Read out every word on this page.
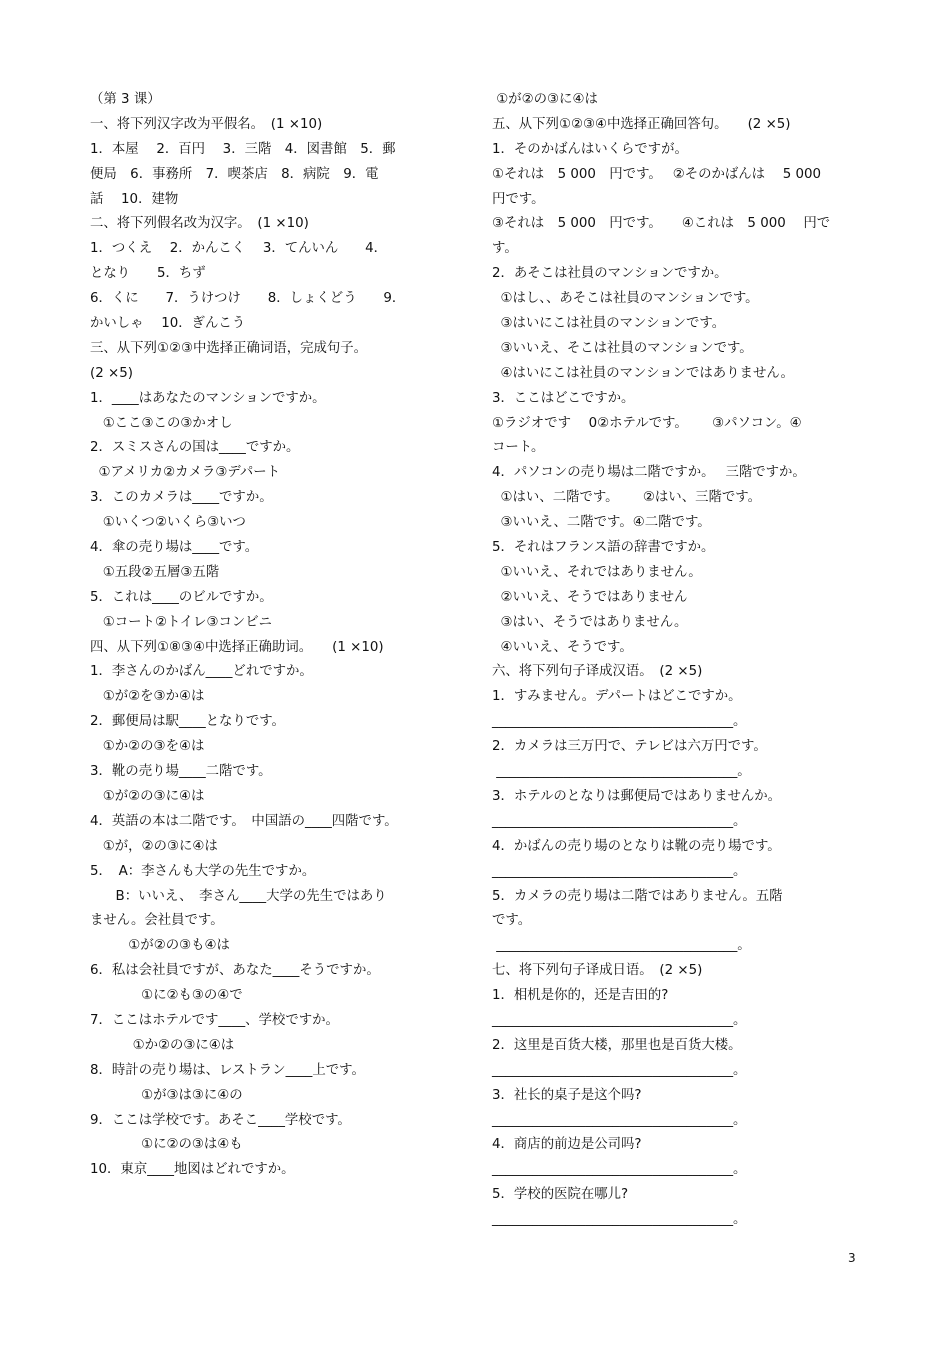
（第 3 课）
一、将下列汉字改为平假名。　(1 ×10)
1．本屋　 2．百円　 3．三階　4．図書館　5．郵
便局　6．事務所　7．喫茶店　8．病院　9．電
話　 10．建物
二、将下列假名改为汉字。　(1 ×10)
1．つくえ　 2．かんこく　 3．てんいん　　4．
となり　　5．ちず
6．くに　　7．うけつけ　　8．しょくどう　　9．
かいしゃ　 10．ぎんこう
三、从下列①②③中选择正确词语，完成句子。
(2 ×5)
1．____はあなたのマンションですか。
①ここ③この③かオし
2．スミスさんの国は____ですか。
①アメリカ②カメラ③デパート
3．このカメラは____ですか。
①いくつ②いくら③いつ
4．傘の売り場は____です。
①五段②五層③五階
5．これは____のビルですか。
①コート②トイレ③コンビニ
四、从下列①⑧③④中选择正确助词。　　(1 ×10)
1．李さんのかばん____どれですか。
①が②を③か④は
2．郵便局は駅____となりです。
①か②の③を④は
3．靴の売り場____二階です。
①が②の③に④は
4．英語の本は二階です。　中国語の____四階です。
①が，②の③に④は
5．　A：李さんも大学の先生ですか。
B：いいえ、　李さん____大学の先生ではあり
ません。会社員です。
①が②の③も④は
6．私は会社員ですが、あなた____そうですか。
①に②も③の④で
7．ここはホテルです____、学校ですか。
①か②の③に④は
8．時計の売り場は、レストラン____上です。
①が③は③に④の
9．ここは学校です。あそこ____学校です。
①に②の③は④も
10．東京____地図はどれですか。
①が②の③に④は
五、从下列①②③④中选择正确回答句。　　(2 ×5)
1．そのかばんはいくらですが。
①それは　5 000　円です。　 ②そのかばんは　 5 000
円です。
③それは　5 000　円です。　　④これは　5 000　 円で
す。
2．あそこは社員のマンションですか。
①はし、、あそこは社員のマンションです。
③はいにこは社員のマンションです。
③いいえ、そこは社員のマンションです。
④はいにこは社員のマンションではありません。
3．ここはどこですか。
①ラジオです　 0②ホテルです。　　 ③パソコン。④
コート。
4．パソコンの売り場は二階ですか。　 三階ですか。
①はい、二階です。　　 ②はい、三階です。
③いいえ、二階です。④二階です。
5．それはフランス語の辞書ですか。
①いいえ、それではありません。
②いいえ、そうではありません
③はい、そうではありません。
④いいえ、そうです。
六、将下列句子译成汉语。　(2 ×5)
1．すみません。デパートはどこですか。
____________________________________。
2．カメラは三万円で、テレビは六万円です。
____________________________________。
3．ホテルのとなりは郵便局ではありませんか。
____________________________________。
4．かばんの売り場のとなりは靴の売り場です。
____________________________________。
5．カメラの売り場は二階ではありません。五階
です。
____________________________________。
七、将下列句子译成日语。　(2 ×5)
1．相机是你的，还是吉田的?
____________________________________。
2．这里是百货大楼，那里也是百货大楼。
____________________________________。
3．社长的桌子是这个吗?
____________________________________。
4．商店的前边是公司吗?
____________________________________。
5．学校的医院在哪儿?
____________________________________。
3
